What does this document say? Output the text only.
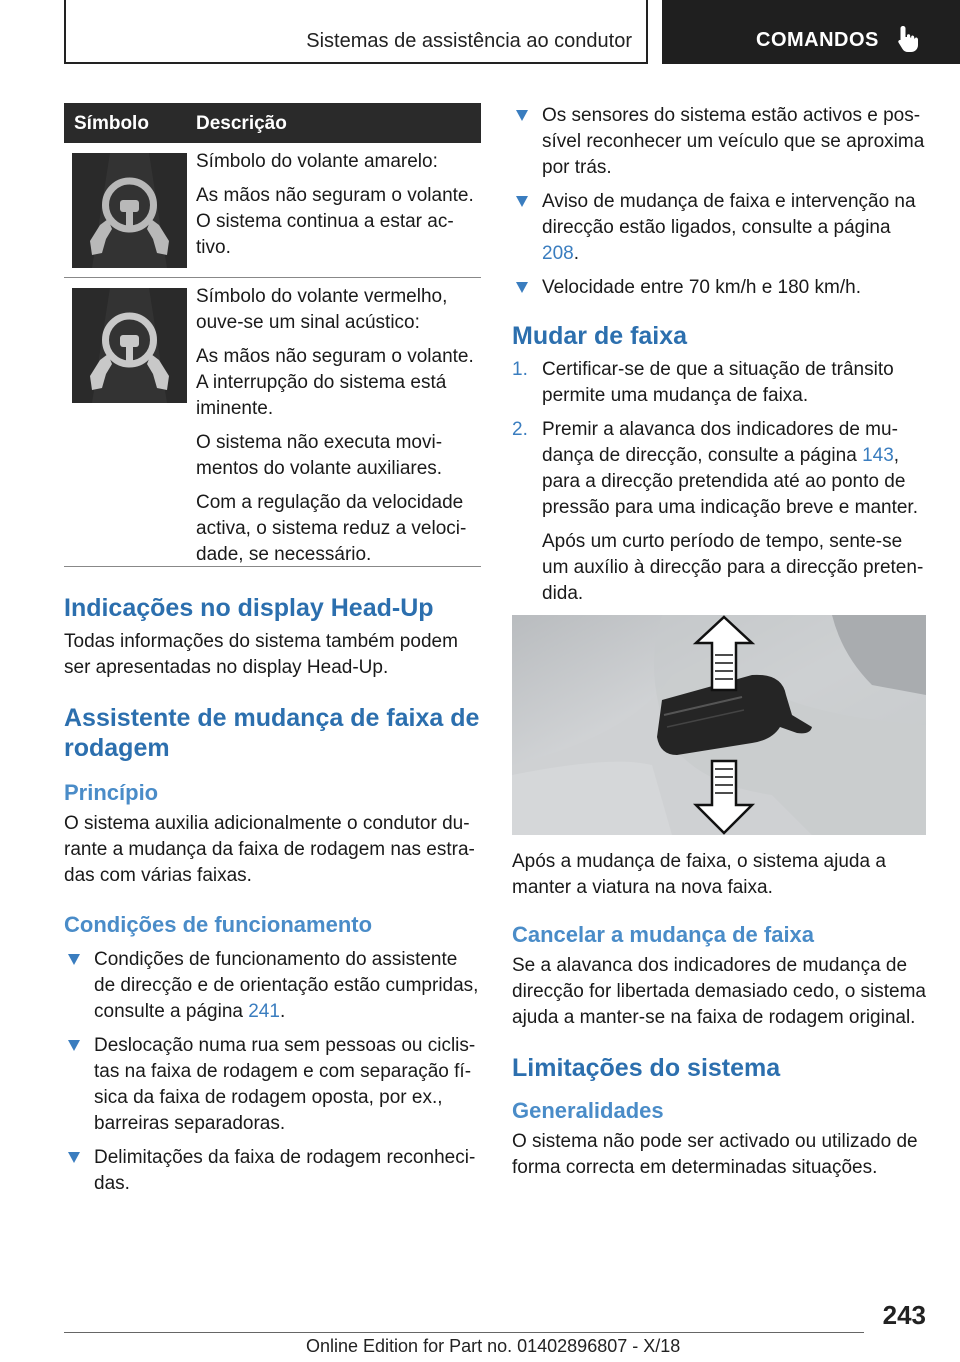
Sistemas de assistência ao condutor	COMANDOS
Símbolo Descrição

Símbolo do volante amarelo:

As mãos não seguram o volante. O sistema continua a estar activo.

Símbolo do volante vermelho, ouve-se um sinal acústico:

As mãos não seguram o volante. A interrupção do sistema está iminente.

O sistema não executa movimentos do volante auxiliares.

Com a regulação da velocidade activa, o sistema reduz a velocidade, se necessário.

Indicações no display Head-Up

Todas informações do sistema também podem ser apresentadas no display Head-Up.

Assistente de mudança de faixa de rodagem
Princípio

O sistema auxilia adicionalmente o condutor durante a mudança da faixa de rodagem nas estradas com várias faixas.

Condições de funcionamento
Condições de funcionamento do assistente de direcção e de orientação estão cumpridas, consulte a página 241.
Deslocação numa rua sem pessoas ou ciclistas na faixa de rodagem e com separação física da faixa de rodagem oposta, por ex., barreiras separadoras.
Delimitações da faixa de rodagem reconhecidas.
Os sensores do sistema estão activos e possível reconhecer um veículo que se aproxima por trás.
Aviso de mudança de faixa e intervenção na direcção estão ligados, consulte a página 208.
Velocidade entre 70 km/h e 180 km/h.
Mudar de faixa
1. Certificar-se de que a situação de trânsito permite uma mudança de faixa.
2. Premir a alavanca dos indicadores de mudança de direcção, consulte a página 143, para a direcção pretendida até ao ponto de pressão para uma indicação breve e manter.

Após um curto período de tempo, sente-se um auxílio à direcção para a direcção pretendida.

Após a mudança de faixa, o sistema ajuda a manter a viatura na nova faixa.

Cancelar a mudança de faixa

Se a alavanca dos indicadores de mudança de direcção for libertada demasiado cedo, o sistema ajuda a manter-se na faixa de rodagem original.

Limitações do sistema
Generalidades

O sistema não pode ser activado ou utilizado de forma correcta em determinadas situações.

243
Online Edition for Part no. 01402896807 - X/18
